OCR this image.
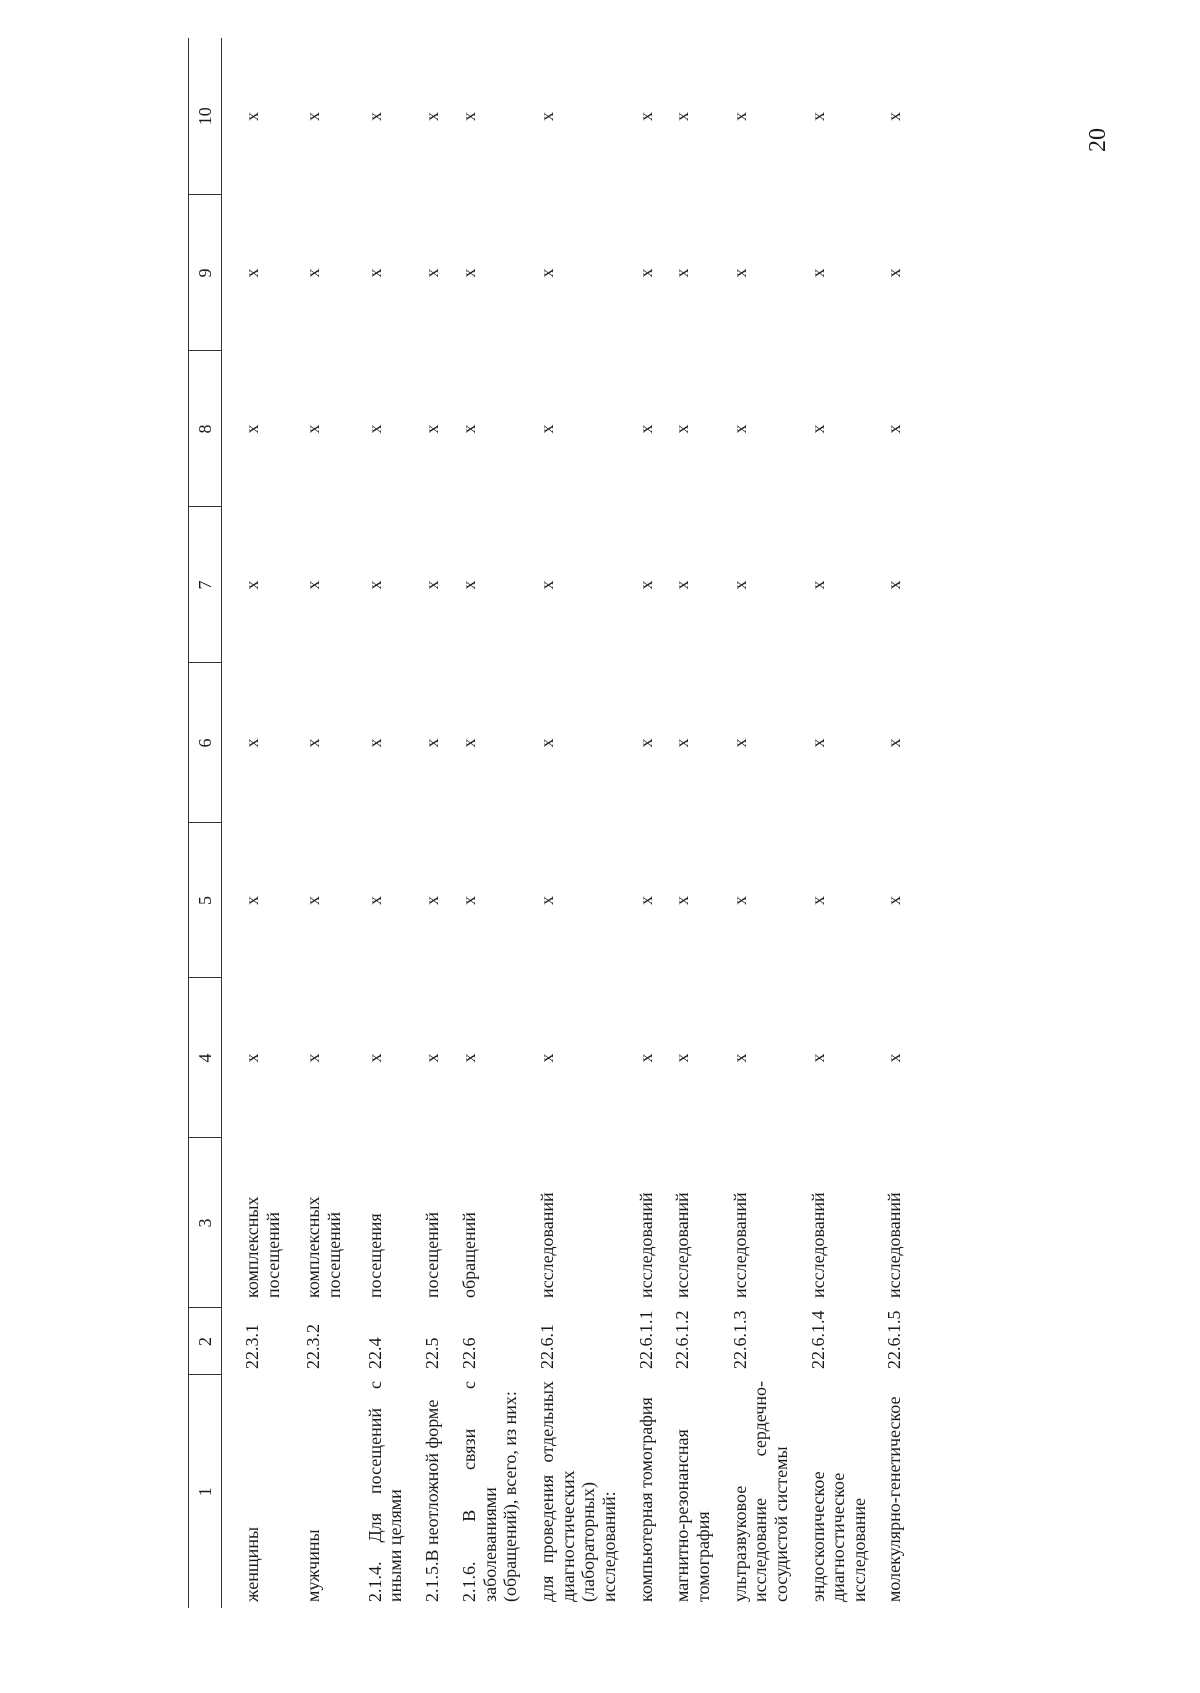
20
1	2	3	4	5	6	7	8	9	10
женщины	22.3.1	комплексных посещений	x	x	x	x	x	x	x
мужчины	22.3.2	комплексных посещений	x	x	x	x	x	x	x
2.1.4. Для посещений с иными целями	22.4	посещения	x	x	x	x	x	x	x
2.1.5.В неотложной форме	22.5	посещений	x	x	x	x	x	x	x
2.1.6. В связи с заболеваниями (обращений), всего, из них:	22.6	обращений	x	x	x	x	x	x	x
для проведения отдельных диагностических (лабораторных) исследований:	22.6.1	исследований	x	x	x	x	x	x	x
компьютерная томография	22.6.1.1	исследований	x	x	x	x	x	x	x
магнитно-резонансная томография	22.6.1.2	исследований	x	x	x	x	x	x	x
ультразвуковое исследование сердечно-сосудистой системы	22.6.1.3	исследований	x	x	x	x	x	x	x
эндоскопическое диагностическое исследование	22.6.1.4	исследований	x	x	x	x	x	x	x
молекулярно-генетическое	22.6.1.5	исследований	x	x	x	x	x	x	x
